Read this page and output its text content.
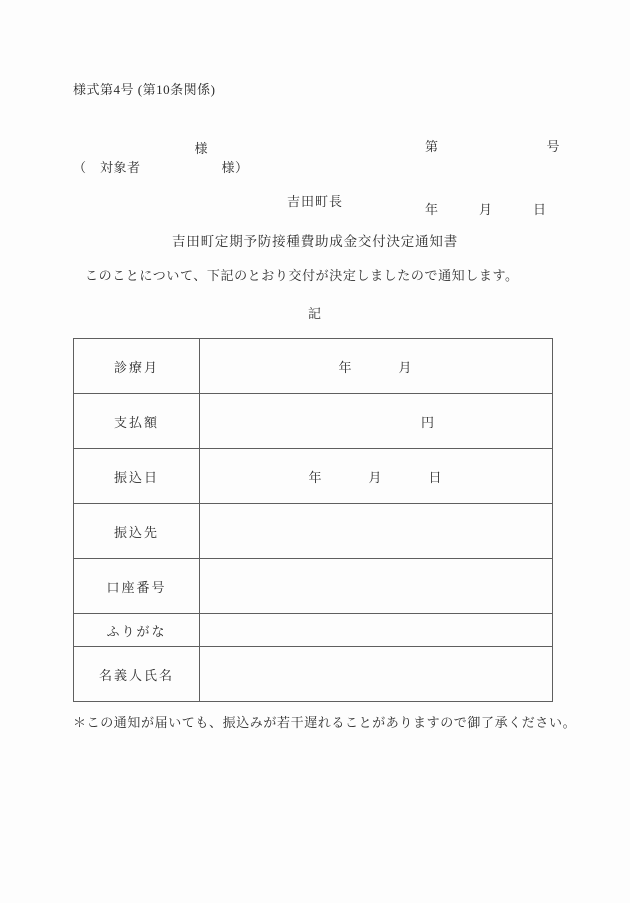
様式第4号 (第10条関係)

第　　　　　　　　号

年　　　月　　　日

　　　　　　　　　様
（　対象者　　　　　　様）
吉田町長
吉田町定期予防接種費助成金交付決定通知書
このことについて、下記のとおり交付が決定しましたので通知します。
記
診療月	年　　　月

支払額	円

振込日	年　　　月　　　日

振込先	

口座番号	

ふりがな	

名義人氏名	
＊この通知が届いても、振込みが若干遅れることがありますので御了承ください。
